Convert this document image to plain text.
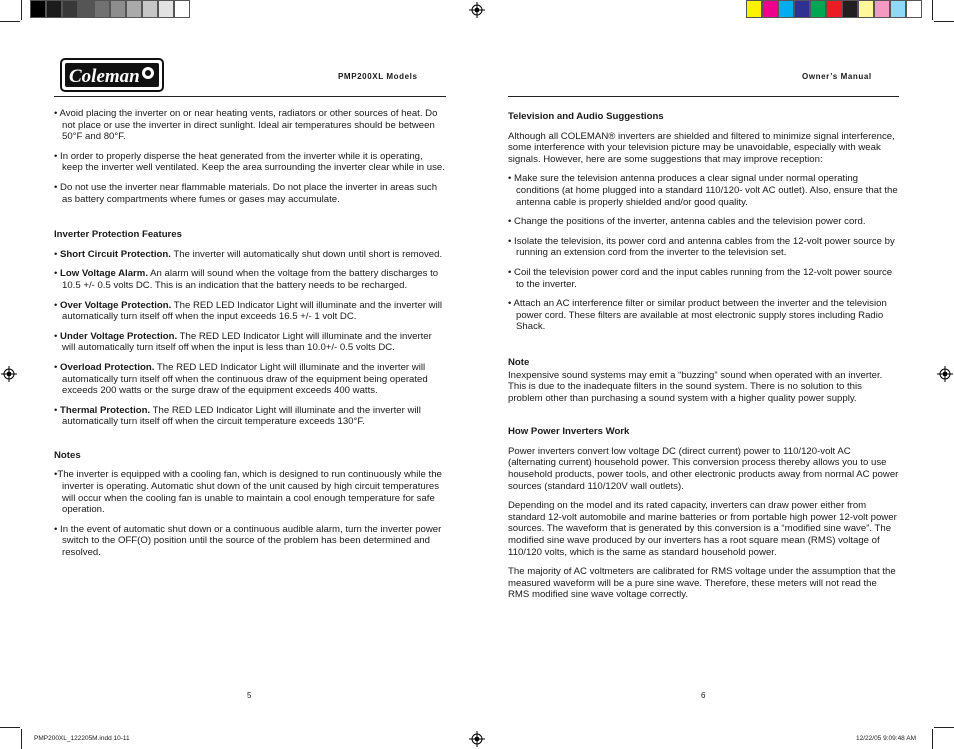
Coleman	PMP200XL Models	Owner’s Manual

• Avoid placing the inverter on or near heating vents, radiators or other sources of heat. Do not place or use the inverter in direct sunlight. Ideal air temperatures should be between 50°F and 80°F.

• In order to properly disperse the heat generated from the inverter while it is operating, keep the inverter well ventilated. Keep the area surrounding the inverter clear while in use.

• Do not use the inverter near flammable materials. Do not place the inverter in areas such as battery compartments where fumes or gases may accumulate.

Inverter Protection Features

• Short Circuit Protection. The inverter will automatically shut down until short is removed.

• Low Voltage Alarm. An alarm will sound when the voltage from the battery discharges to 10.5 +/- 0.5 volts DC. This is an indication that the battery needs to be recharged.

• Over Voltage Protection. The RED LED Indicator Light will illuminate and the inverter will automatically turn itself off when the input exceeds 16.5 +/- 1 volt DC.

• Under Voltage Protection. The RED LED Indicator Light will illuminate and the inverter will automatically turn itself off when the input is less than 10.0+/- 0.5 volts DC.

• Overload Protection. The RED LED Indicator Light will illuminate and the inverter will automatically turn itself off when the continuous draw of the equipment being operated exceeds 200 watts or the surge draw of the equipment exceeds 400 watts.

• Thermal Protection. The RED LED Indicator Light will illuminate and the inverter will automatically turn itself off when the circuit temperature exceeds 130°F.

Notes

•The inverter is equipped with a cooling fan, which is designed to run continuously while the inverter is operating. Automatic shut down of the unit caused by high circuit temperatures will occur when the cooling fan is unable to maintain a cool enough temperature for safe operation.

• In the event of automatic shut down or a continuous audible alarm, turn the inverter power switch to the OFF(O) position until the source of the problem has been determined and resolved.

Television and Audio Suggestions

Although all COLEMAN® inverters are shielded and filtered to minimize signal interference, some interference with your television picture may be unavoidable, especially with weak signals. However, here are some suggestions that may improve reception:

• Make sure the television antenna produces a clear signal under normal operating conditions (at home plugged into a standard 110/120- volt AC outlet). Also, ensure that the antenna cable is properly shielded and/or good quality.

• Change the positions of the inverter, antenna cables and the television power cord.

• Isolate the television, its power cord and antenna cables from the 12-volt power source by running an extension cord from the inverter to the television set.

• Coil the television power cord and the input cables running from the 12-volt power source to the inverter.

• Attach an AC interference filter or similar product between the inverter and the television power cord. These filters are available at most electronic supply stores including Radio Shack.

Note

Inexpensive sound systems may emit a “buzzing” sound when operated with an inverter. This is due to the inadequate filters in the sound system. There is no solution to this problem other than purchasing a sound system with a higher quality power supply.

How Power Inverters Work

Power inverters convert low voltage DC (direct current) power to 110/120-volt AC (alternating current) household power. This conversion process thereby allows you to use household products, power tools, and other electronic products away from normal AC power sources (standard 110/120V wall outlets).

Depending on the model and its rated capacity, inverters can draw power either from standard 12-volt automobile and marine batteries or from portable high power 12-volt power sources. The waveform that is generated by this conversion is a “modified sine wave”. The modified sine wave produced by our inverters has a root square mean (RMS) voltage of 110/120 volts, which is the same as standard household power.

The majority of AC voltmeters are calibrated for RMS voltage under the assumption that the measured waveform will be a pure sine wave. Therefore, these meters will not read the RMS modified sine wave voltage correctly.

5	6
PMP200XL_122205M.indd 10-11	12/22/05 9:09:48 AM
